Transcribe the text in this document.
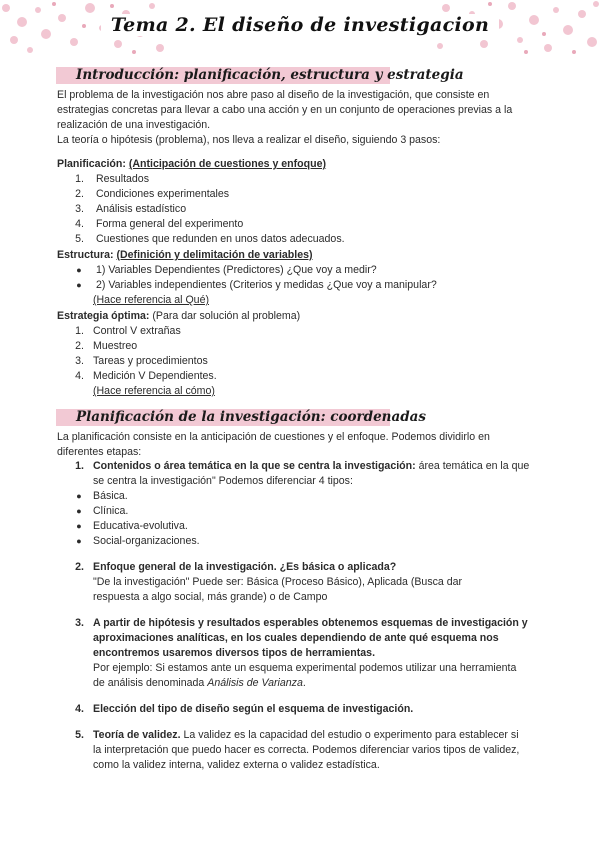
Tema 2. El diseño de investigacion
Introducción: planificación, estructura y estrategia
El problema de la investigación nos abre paso al diseño de la investigación, que consiste en
estrategias concretas para llevar a cabo una acción y en un conjunto de operaciones previas a la
realización de una investigación.
La teoría o hipótesis (problema), nos lleva a realizar el diseño, siguiendo 3 pasos:
Planificación: (Anticipación de cuestiones y enfoque)
1. Resultados
2. Condiciones experimentales
3. Análisis estadístico
4. Forma general del experimento
5. Cuestiones que redunden en unos datos adecuados.
Estructura: (Definición y delimitación de variables)
● 1) Variables Dependientes (Predictores) ¿Que voy a medir?
● 2) Variables independientes (Criterios y medidas ¿Que voy a manipular?
(Hace referencia al Qué)
Estrategia óptima: (Para dar solución al problema)
1. Control V extrañas
2. Muestreo
3. Tareas y procedimientos
4. Medición V Dependientes.
(Hace referencia al cómo)
Planificación de la investigación: coordenadas
La planificación consiste en la anticipación de cuestiones y el enfoque. Podemos dividirlo en
diferentes etapas:
1. Contenidos o área temática en la que se centra la investigación: área temática en la que
se centra la investigación" Podemos diferenciar 4 tipos:
● Básica.
● Clínica.
● Educativa-evolutiva.
● Social-organizaciones.
2. Enfoque general de la investigación. ¿Es básica o aplicada?
"De la investigación" Puede ser: Básica (Proceso Básico), Aplicada (Busca dar
respuesta a algo social, más grande) o de Campo
3. A partir de hipótesis y resultados esperables obtenemos esquemas de investigación y
aproximaciones analíticas, en los cuales dependiendo de ante qué esquema nos
encontremos usaremos diversos tipos de herramientas.
Por ejemplo: Si estamos ante un esquema experimental podemos utilizar una herramienta
de análisis denominada Análisis de Varianza.
4. Elección del tipo de diseño según el esquema de investigación.
5. Teoría de validez. La validez es la capacidad del estudio o experimento para establecer si
la interpretación que puedo hacer es correcta. Podemos diferenciar varios tipos de validez,
como la validez interna, validez externa o validez estadística.
